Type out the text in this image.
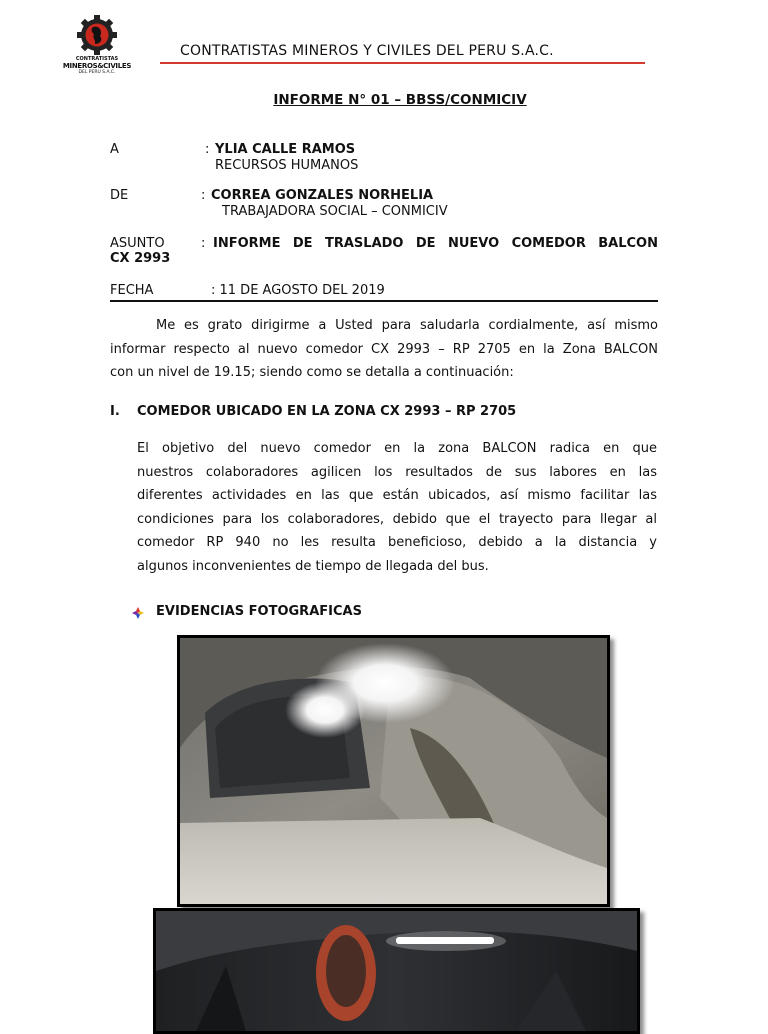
CONTRATISTAS
MINEROS&CIVILES
DEL PERU S.A.C.
CONTRATISTAS MINEROS Y CIVILES DEL PERU S.A.C.
INFORME N° 01 – BBSS/CONMICIV
A	: YLIA CALLE RAMOS
RECURSOS HUMANOS
DE	: CORREA GONZALES NORHELIA
TRABAJADORA SOCIAL – CONMICIV
ASUNTO	: INFORME DE TRASLADO DE NUEVO COMEDOR BALCON
CX 2993
FECHA	: 11 DE AGOSTO DEL 2019
Me es grato dirigirme a Usted para saludarla cordialmente, así mismo
informar respecto al nuevo comedor CX 2993 – RP 2705 en la Zona BALCON
con un nivel de 19.15; siendo como se detalla a continuación:
I. COMEDOR UBICADO EN LA ZONA CX 2993 – RP 2705
El objetivo del nuevo comedor en la zona BALCON radica en que
nuestros colaboradores agilicen los resultados de sus labores en las
diferentes actividades en las que están ubicados, así mismo facilitar las
condiciones para los colaboradores, debido que el trayecto para llegar al
comedor RP 940 no les resulta beneficioso, debido a la distancia y
algunos inconvenientes de tiempo de llegada del bus.
EVIDENCIAS FOTOGRAFICAS
